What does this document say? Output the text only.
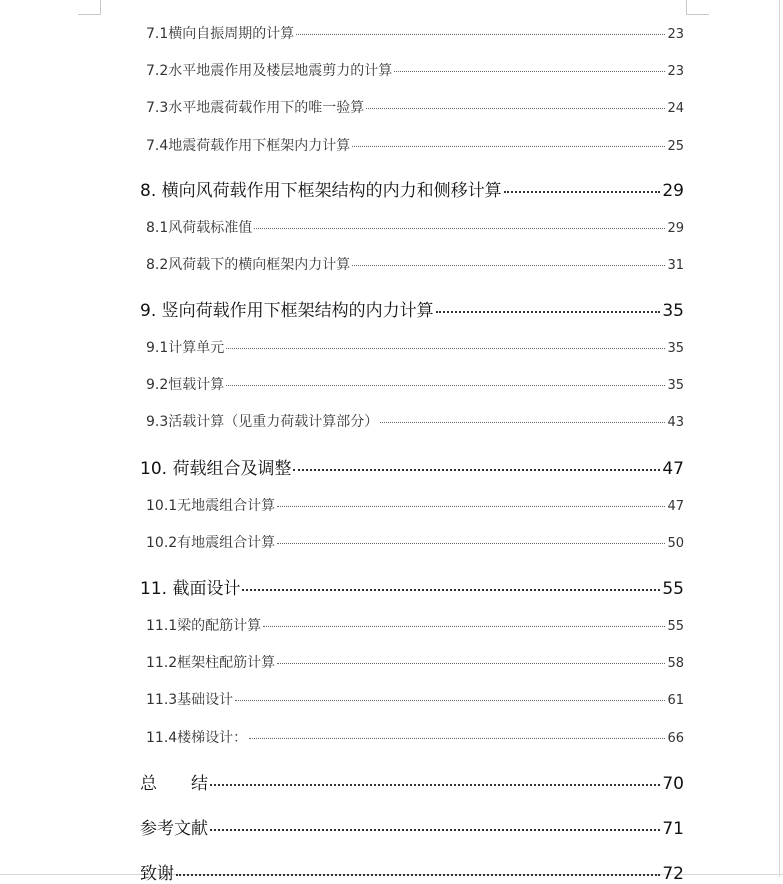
7.1横向自振周期的计算	23
7.2水平地震作用及楼层地震剪力的计算	23
7.3水平地震荷载作用下的唯一验算	24
7.4地震荷载作用下框架内力计算	25
8. 横向风荷载作用下框架结构的内力和侧移计算	29
8.1风荷载标准值	29
8.2风荷载下的横向框架内力计算	31
9. 竖向荷载作用下框架结构的内力计算	35
9.1计算单元	35
9.2恒载计算	35
9.3活载计算（见重力荷载计算部分）	43
10. 荷载组合及调整	47
10.1无地震组合计算	47
10.2有地震组合计算	50
11. 截面设计	55
11.1梁的配筋计算	55
11.2框架柱配筋计算	58
11.3基础设计	61
11.4楼梯设计：	66
总　　结	70
参考文献	71
致谢	72
